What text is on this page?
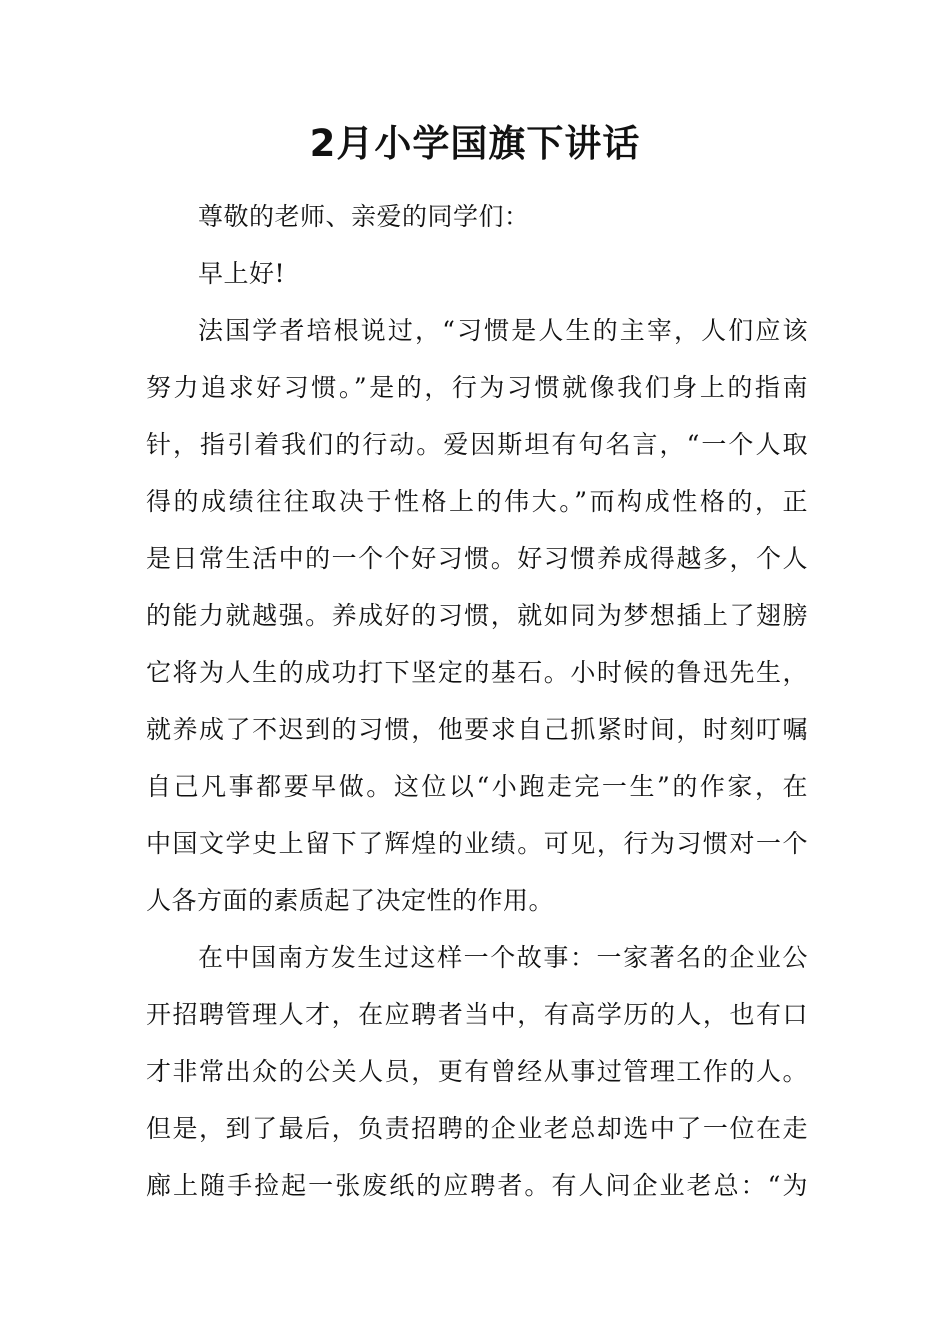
2月小学国旗下讲话
尊敬的老师、亲爱的同学们：
早上好!
法国学者培根说过，“习惯是人生的主宰，人们应该
努力追求好习惯。”是的，行为习惯就像我们身上的指南
针，指引着我们的行动。爱因斯坦有句名言，“一个人取
得的成绩往往取决于性格上的伟大。”而构成性格的，正
是日常生活中的一个个好习惯。好习惯养成得越多，个人
的能力就越强。养成好的习惯，就如同为梦想插上了翅膀
它将为人生的成功打下坚定的基石。小时候的鲁迅先生，
就养成了不迟到的习惯，他要求自己抓紧时间，时刻叮嘱
自己凡事都要早做。这位以“小跑走完一生”的作家，在
中国文学史上留下了辉煌的业绩。可见，行为习惯对一个
人各方面的素质起了决定性的作用。
在中国南方发生过这样一个故事：一家著名的企业公
开招聘管理人才，在应聘者当中，有高学历的人，也有口
才非常出众的公关人员，更有曾经从事过管理工作的人。
但是，到了最后，负责招聘的企业老总却选中了一位在走
廊上随手捡起一张废纸的应聘者。有人问企业老总：“为
